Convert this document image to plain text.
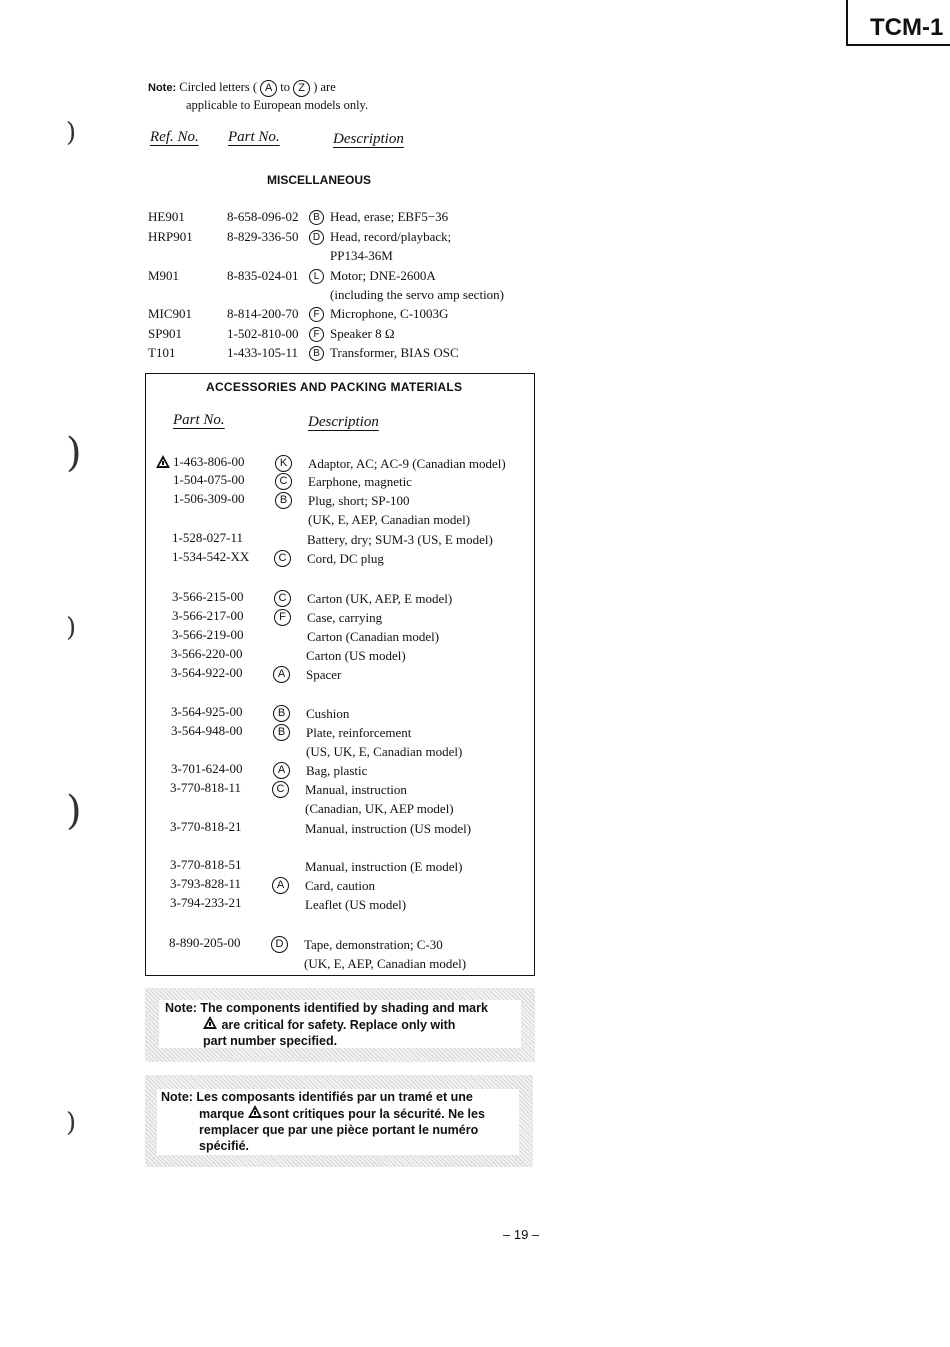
TCM-1
)
)
)
)
)
Note: Circled letters ( A to Z ) are
applicable to European models only.
Ref. No. Part No.	Description
MISCELLANEOUS
HE901	8-658-096-02	B Head, erase; EBF5−36
HRP901	8-829-336-50	D Head, record/playback;
PP134-36M
M901	8-835-024-01	L Motor; DNE-2600A
(including the servo amp section)
MIC901	8-814-200-70	F Microphone, C-1003G
SP901	1-502-810-00	F Speaker 8 Ω
T101	1-433-105-11	B Transformer, BIAS OSC
ACCESSORIES AND PACKING MATERIALS
Part No.	Description
1-463-806-00	K	Adaptor, AC; AC-9 (Canadian model)
1-504-075-00	C	Earphone, magnetic
1-506-309-00	B	Plug, short; SP-100
(UK, E, AEP, Canadian model)
1-528-027-11	Battery, dry; SUM-3 (US, E model)
1-534-542-XX	C	Cord, DC plug
3-566-215-00	C	Carton (UK, AEP, E model)
3-566-217-00	F	Case, carrying
3-566-219-00	Carton (Canadian model)
3-566-220-00	Carton (US model)
3-564-922-00	A	Spacer
3-564-925-00	B	Cushion
3-564-948-00	B	Plate, reinforcement
(US, UK, E, Canadian model)
3-701-624-00	A	Bag, plastic
3-770-818-11	C	Manual, instruction
(Canadian, UK, AEP model)
3-770-818-21	Manual, instruction (US model)
3-770-818-51	Manual, instruction (E model)
3-793-828-11	A	Card, caution
3-794-233-21	Leaflet (US model)
8-890-205-00	D	Tape, demonstration; C-30
(UK, E, AEP, Canadian model)
Note: The components identified by shading and mark
are critical for safety. Replace only with
part number specified.
Note: Les composants identifiés par un tramé et une
marque sont critiques pour la sécurité. Ne les
remplacer que par une pièce portant le numéro
spécifié.
– 19 –
